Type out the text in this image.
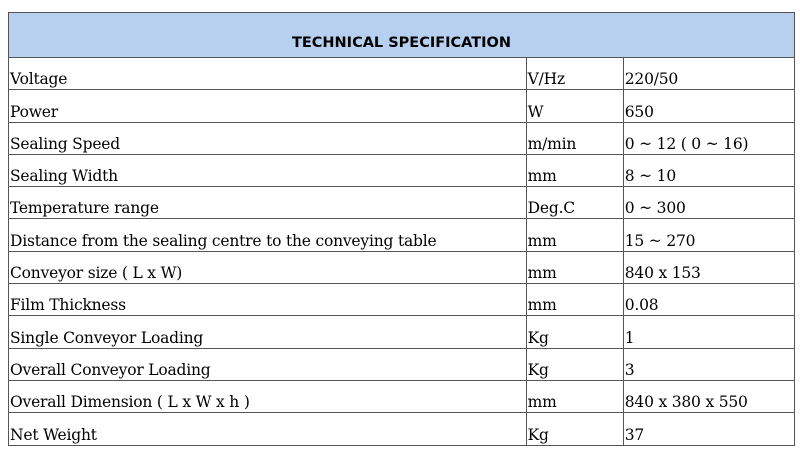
TECHNICAL SPECIFICATION		
Voltage	V/Hz	220/50
Power	W	650
Sealing Speed	m/min	0 ~ 12 ( 0 ~ 16)
Sealing Width	mm	8 ~ 10
Temperature range	Deg.C	0 ~ 300
Distance from the sealing centre to the conveying table	mm	15 ~ 270
Conveyor size ( L x W)	mm	840 x 153
Film Thickness	mm	0.08
Single Conveyor Loading	Kg	1
Overall Conveyor Loading	Kg	3
Overall Dimension ( L x W x h )	mm	840 x 380 x 550
Net Weight	Kg	37
